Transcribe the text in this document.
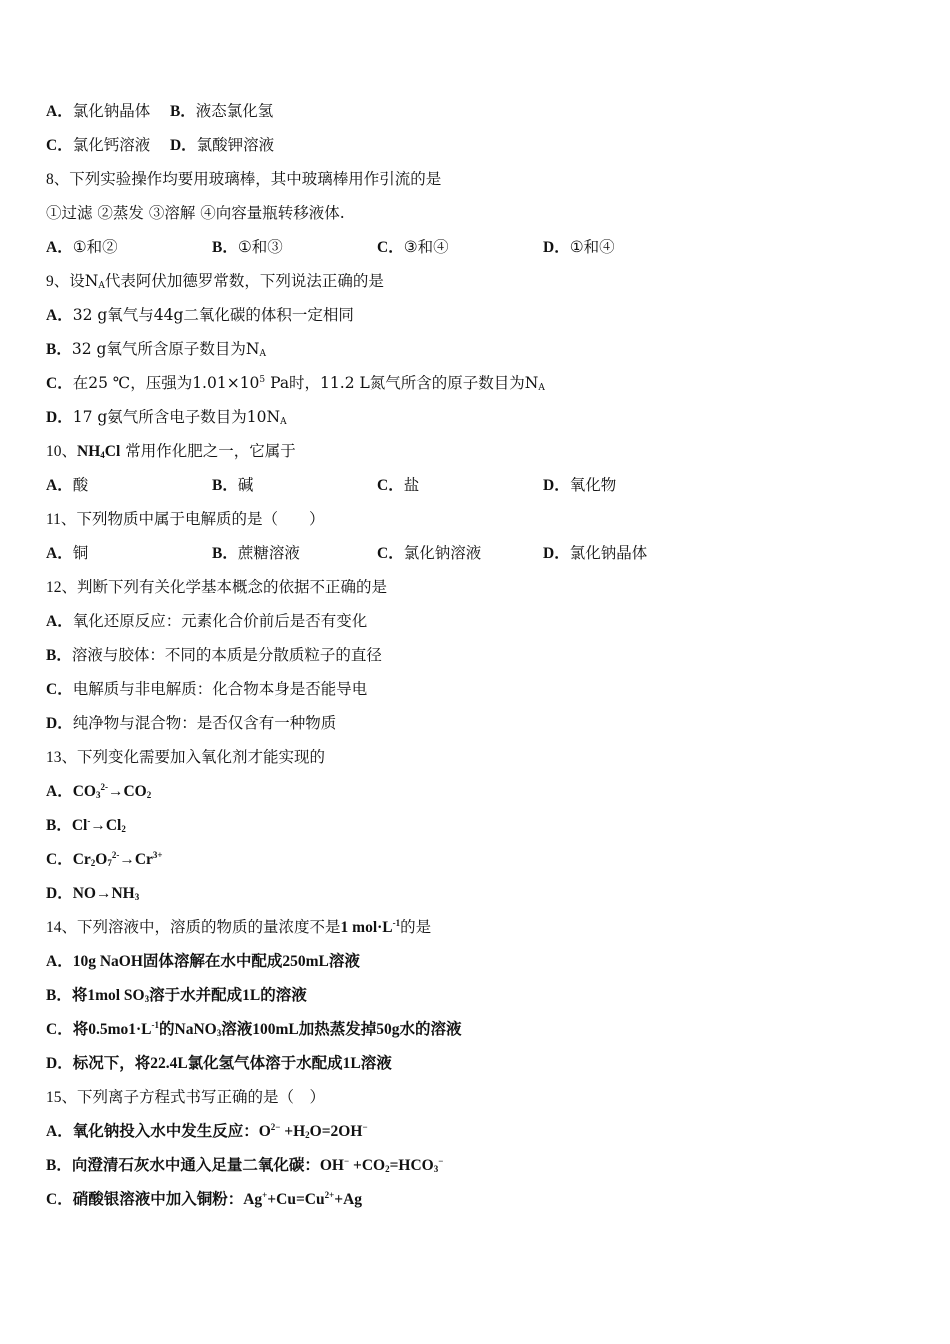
A．氯化钠晶体 B．液态氯化氢
C．氯化钙溶液 D．氯酸钾溶液
8、下列实验操作均要用玻璃棒，其中玻璃棒用作引流的是
①过滤 ②蒸发 ③溶解 ④向容量瓶转移液体.
A．①和②	B．①和③	C．③和④	D．①和④
9、设$N_A$代表阿伏加德罗常数，下列说法正确的是
A．32 g氧气与44g二氧化碳的体积一定相同
B．32 g氧气所含原子数目为$N_A$
C．在25 ℃，压强为$1.01\times 10^5$ Pa时，11.2 L氮气所含的原子数目为$N_A$
D．17 g氨气所含电子数目为$10N_A$
10、$NH_4Cl$ 常用作化肥之一，它属于
A．酸	B．碱	C．盐	D．氧化物
11、下列物质中属于电解质的是（　　）
A．铜	B．蔗糖溶液	C．氯化钠溶液	D．氯化钠晶体
12、判断下列有关化学基本概念的依据不正确的是
A．氧化还原反应：元素化合价前后是否有变化
B．溶液与胶体：不同的本质是分散质粒子的直径
C．电解质与非电解质：化合物本身是否能导电
D．纯净物与混合物：是否仅含有一种物质
13、下列变化需要加入氧化剂才能实现的
A．$CO_3^{2-}\to CO_2$
B．$Cl^-\to Cl_2$
C．$Cr_2O_7^{2-}\to Cr^{3+}$
D．$NO\to NH_3$
14、下列溶液中，溶质的物质的量浓度不是1 $mol\cdot L^{-1}$的是
A．10g NaOH固体溶解在水中配成250mL溶液
B．将1mol $SO_3$溶于水并配成1L的溶液
C．将$0.5mo1\cdot L^{-1}$的NaNO$_3$溶液100mL加热蒸发掉50g水的溶液
D．标况下，将22.4L氯化氢气体溶于水配成1L溶液
15、下列离子方程式书写正确的是（　）
A．氧化钠投入水中发生反应：$O^{2-} +H_2O=2OH^-$
B．向澄清石灰水中通入足量二氧化碳：$OH^- +CO_2=HCO_3^-$
C．硝酸银溶液中加入铜粉：$Ag^++Cu=Cu^{2+}+Ag$
